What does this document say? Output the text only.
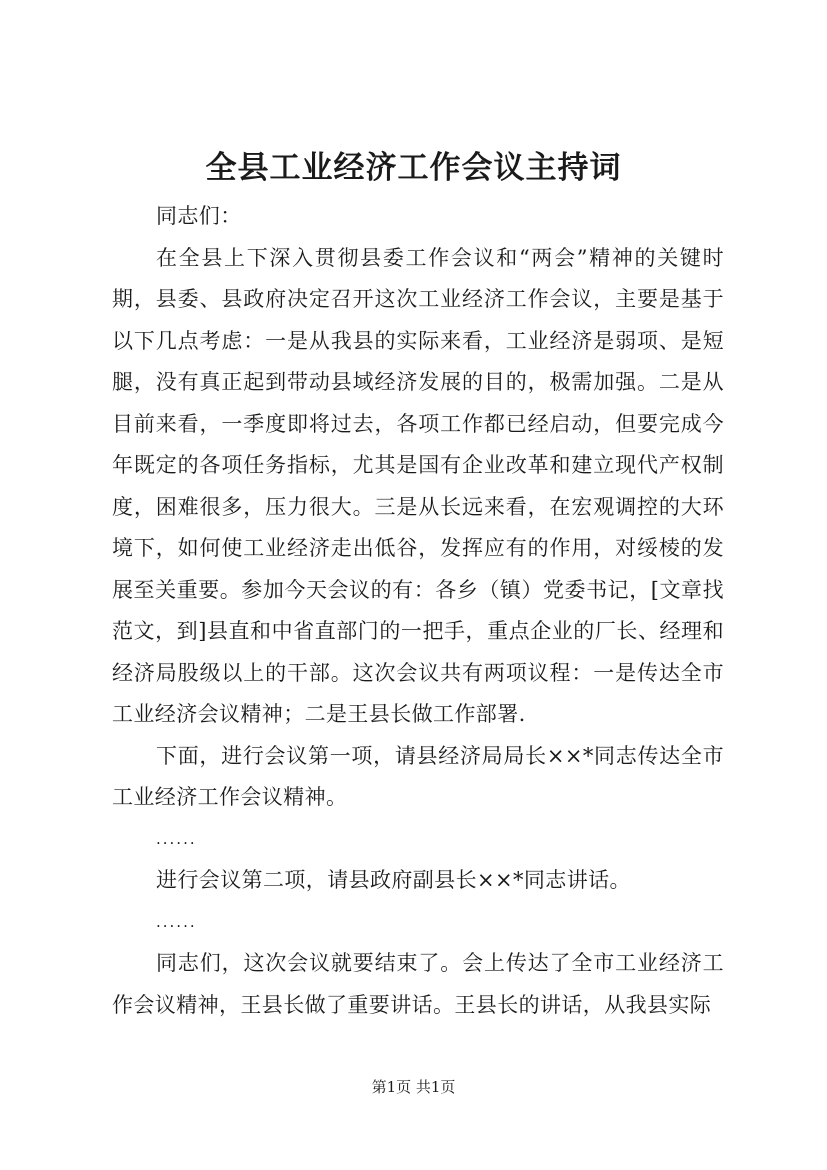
全县工业经济工作会议主持词

同志们：

在全县上下深入贯彻县委工作会议和“两会”精神的关键时期，县委、县政府决定召开这次工业经济工作会议，主要是基于以下几点考虑：一是从我县的实际来看，工业经济是弱项、是短腿，没有真正起到带动县域经济发展的目的，极需加强。二是从目前来看，一季度即将过去，各项工作都已经启动，但要完成今年既定的各项任务指标，尤其是国有企业改革和建立现代产权制度，困难很多，压力很大。三是从长远来看，在宏观调控的大环境下，如何使工业经济走出低谷，发挥应有的作用，对绥棱的发展至关重要。参加今天会议的有：各乡（镇）党委书记，[文章找范文，到]县直和中省直部门的一把手，重点企业的厂长、经理和经济局股级以上的干部。这次会议共有两项议程：一是传达全市工业经济会议精神；二是王县长做工作部署.

下面，进行会议第一项，请县经济局局长××*同志传达全市工业经济工作会议精神。

......

进行会议第二项，请县政府副县长××*同志讲话。

......

同志们，这次会议就要结束了。会上传达了全市工业经济工作会议精神，王县长做了重要讲话。王县长的讲话，从我县实际

第1页 共1页
